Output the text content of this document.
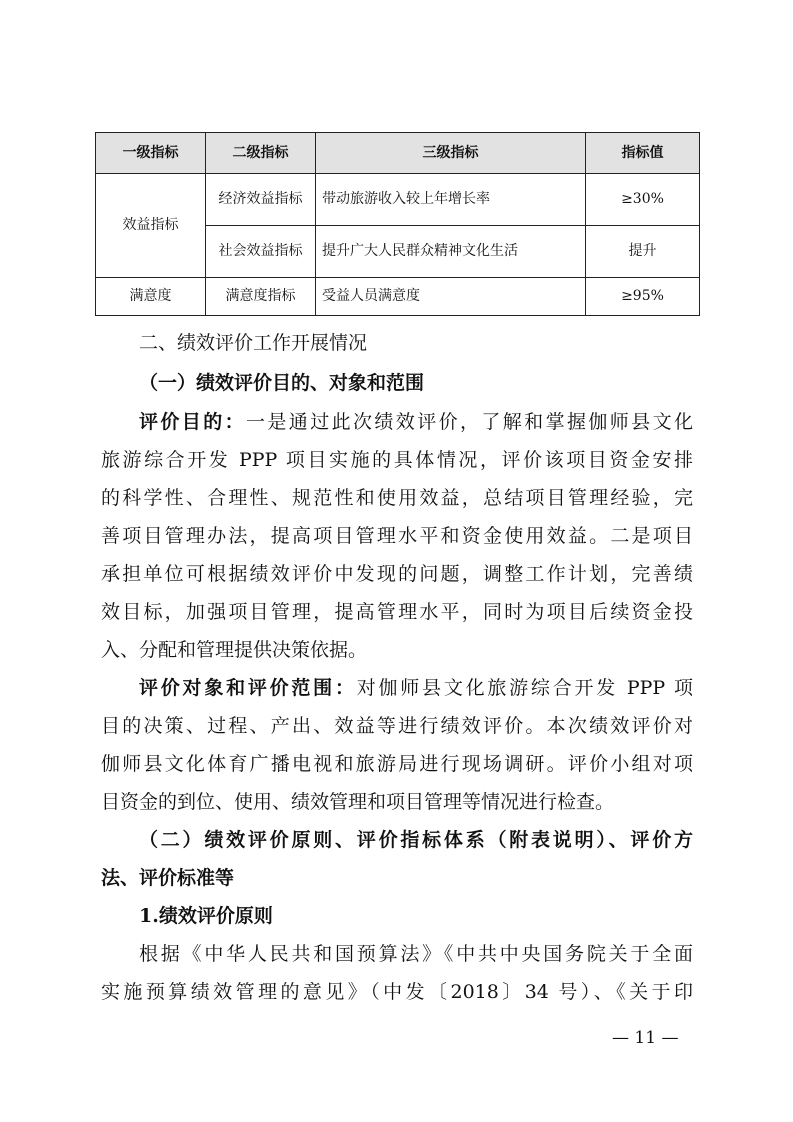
一级指标	二级指标	三级指标	指标值
效益指标	经济效益指标	带动旅游收入较上年增长率	≥30%
	社会效益指标	提升广大人民群众精神文化生活	提升
满意度	满意度指标	受益人员满意度	≥95%
二、绩效评价工作开展情况
（一）绩效评价目的、对象和范围
评价目的：一是通过此次绩效评价，了解和掌握伽师县文化
旅游综合开发 PPP 项目实施的具体情况，评价该项目资金安排
的科学性、合理性、规范性和使用效益，总结项目管理经验，完
善项目管理办法，提高项目管理水平和资金使用效益。二是项目
承担单位可根据绩效评价中发现的问题，调整工作计划，完善绩
效目标，加强项目管理，提高管理水平，同时为项目后续资金投
入、分配和管理提供决策依据。
评价对象和评价范围：对伽师县文化旅游综合开发 PPP 项
目的决策、过程、产出、效益等进行绩效评价。本次绩效评价对
伽师县文化体育广播电视和旅游局进行现场调研。评价小组对项
目资金的到位、使用、绩效管理和项目管理等情况进行检查。
（二）绩效评价原则、评价指标体系（附表说明）、评价方
法、评价标准等
1.绩效评价原则
根据《中华人民共和国预算法》《中共中央国务院关于全面
实施预算绩效管理的意见》（中发〔2018〕34 号）、《关于印
— 11 —
